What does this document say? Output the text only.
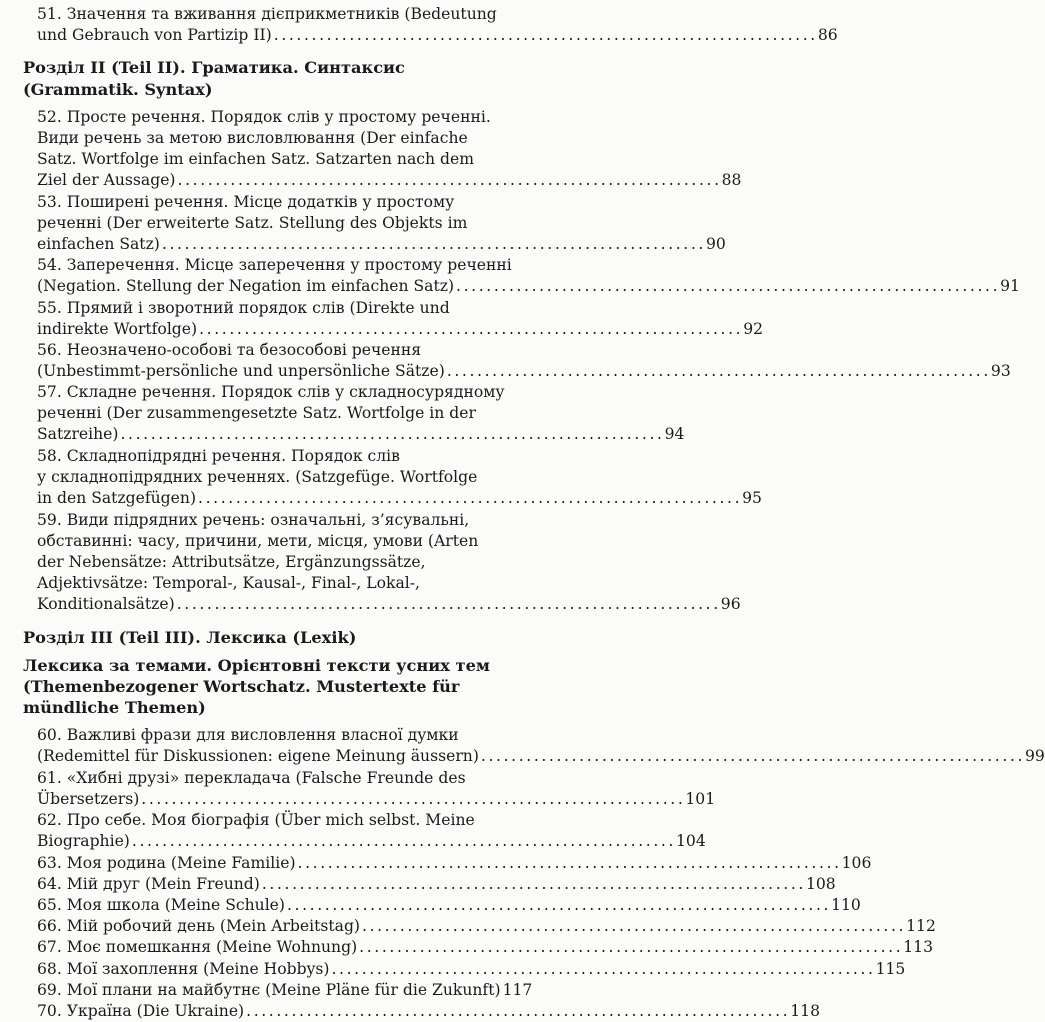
51. Значення та вживання дієприкметників (Bedeutung
und Gebrauch von Partizip II) ........................................................................ 86
Розділ II (Teil II). Граматика. Синтаксис
(Grammatik. Syntax)
52. Просте речення. Порядок слів у простому реченні.
Види речень за метою висловлювання (Der einfache
Satz. Wortfolge im einfachen Satz. Satzarten nach dem
Ziel der Aussage) ........................................................................ 88
53. Поширені речення. Місце додатків у простому
реченні (Der erweiterte Satz. Stellung des Objekts im
einfachen Satz) ........................................................................ 90
54. Заперечення. Місце заперечення у простому реченні
(Negation. Stellung der Negation im einfachen Satz) ........................................................................ 91
55. Прямий і зворотний порядок слів (Direkte und
indirekte Wortfolge) ........................................................................ 92
56. Неозначено-особові та безособові речення
(Unbestimmt-persönliche und unpersönliche Sätze) ........................................................................ 93
57. Складне речення. Порядок слів у складносурядному
реченні (Der zusammengesetzte Satz. Wortfolge in der
Satzreihe) ........................................................................ 94
58. Складнопідрядні речення. Порядок слів
у складнопідрядних реченнях. (Satzgefüge. Wortfolge
in den Satzgefügen) ........................................................................ 95
59. Види підрядних речень: означальні, з’ясувальні,
обставинні: часу, причини, мети, місця, умови (Arten
der Nebensätze: Attributsätze, Ergänzungssätze,
Adjektivsätze: Temporal-, Kausal-, Final-, Lokal-,
Konditionalsätze) ........................................................................ 96
Розділ III (Teil III). Лексика (Lexik)
Лексика за темами. Орієнтовні тексти усних тем
(Themenbezogener Wortschatz. Mustertexte für
mündliche Themen)
60. Важливі фрази для висловлення власної думки
(Redemittel für Diskussionen: eigene Meinung äussern) ........................................................................ 99
61. «Хибні друзі» перекладача (Falsche Freunde des
Übersetzers) ........................................................................ 101
62. Про себе. Моя біографія (Über mich selbst. Meine
Biographie) ........................................................................ 104
63. Моя родина (Meine Familie) ........................................................................ 106
64. Мій друг (Mein Freund) ........................................................................ 108
65. Моя школа (Meine Schule) ........................................................................ 110
66. Мій робочий день (Mein Arbeitstag) ........................................................................ 112
67. Моє помешкання (Meine Wohnung) ........................................................................ 113
68. Мої захоплення (Meine Hobbys) ........................................................................ 115
69. Мої плани на майбутнє (Meine Pläne für die Zukunft) 117
70. Україна (Die Ukraine) ........................................................................ 118
